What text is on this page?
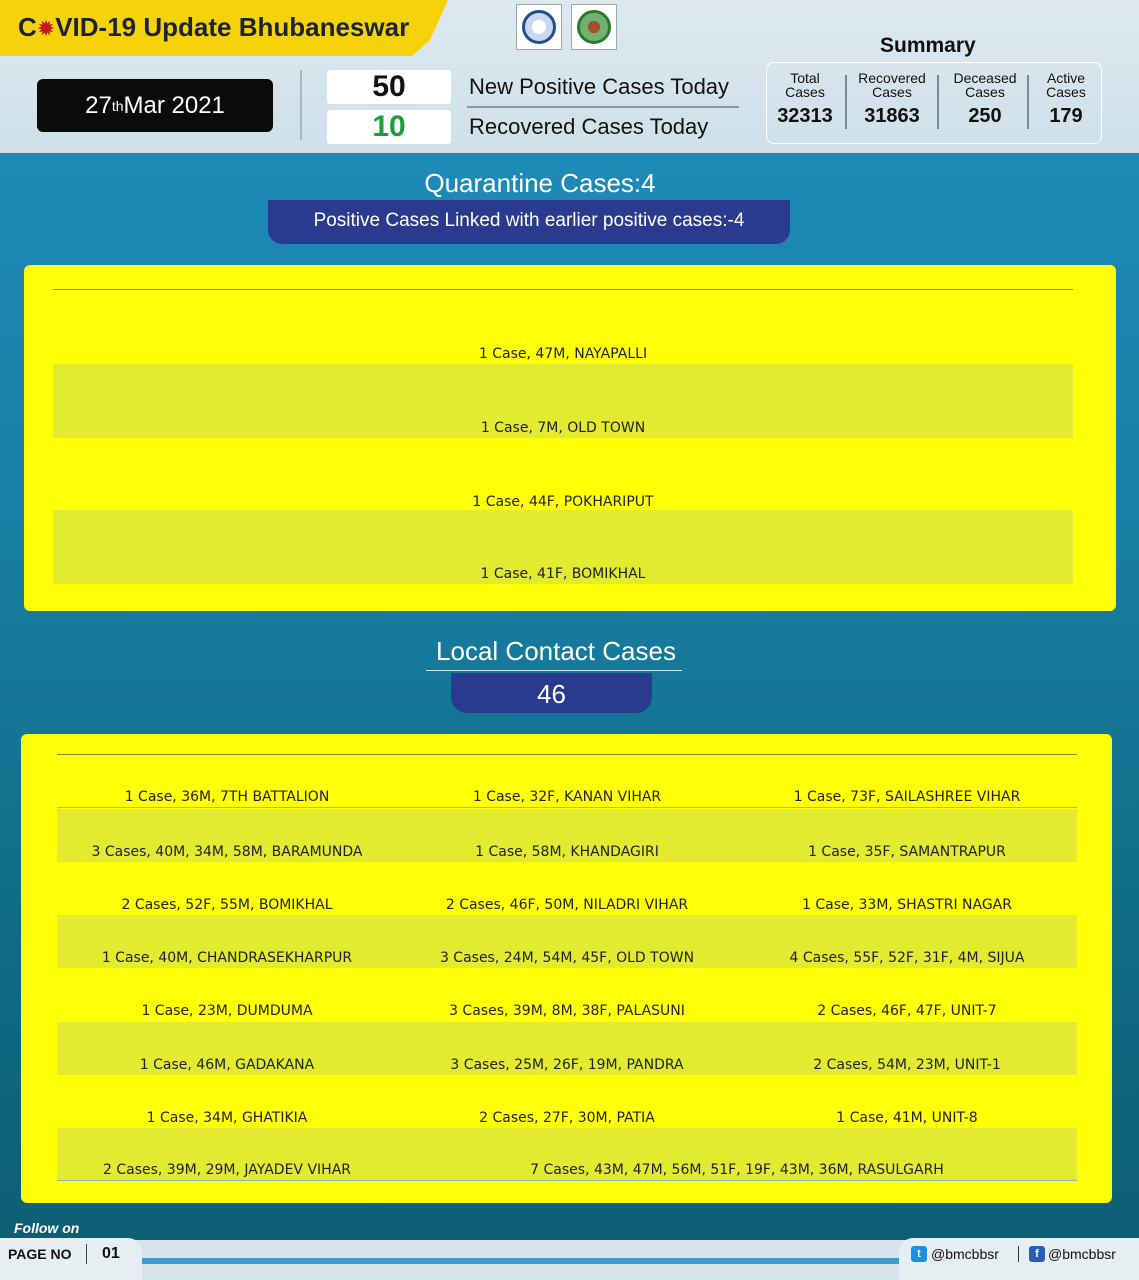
C✹VID-19 Update Bhubaneswar
27 th Mar 2021
50	New Positive Cases Today
10	Recovered Cases Today
Summary
Total
Cases
32313
Recovered
Cases
31863
Deceased
Cases
250
Active
Cases
179
Quarantine Cases:4
Positive Cases Linked with earlier positive cases:-4
1 Case, 47M, NAYAPALLI
1 Case, 7M, OLD TOWN
1 Case, 44F, POKHARIPUT
1 Case, 41F, BOMIKHAL
Local Contact Cases
46
1 Case, 36M, 7TH BATTALION	1 Case, 32F, KANAN VIHAR	1 Case, 73F, SAILASHREE VIHAR
3 Cases, 40M, 34M, 58M, BARAMUNDA	1 Case, 58M, KHANDAGIRI	1 Case, 35F, SAMANTRAPUR
2 Cases, 52F, 55M, BOMIKHAL	2 Cases, 46F, 50M, NILADRI VIHAR	1 Case, 33M, SHASTRI NAGAR
1 Case, 40M, CHANDRASEKHARPUR	3 Cases, 24M, 54M, 45F, OLD TOWN	4 Cases, 55F, 52F, 31F, 4M, SIJUA
1 Case, 23M, DUMDUMA	3 Cases, 39M, 8M, 38F, PALASUNI	2 Cases, 46F, 47F, UNIT-7
1 Case, 46M, GADAKANA	3 Cases, 25M, 26F, 19M, PANDRA	2 Cases, 54M, 23M, UNIT-1
1 Case, 34M, GHATIKIA	2 Cases, 27F, 30M, PATIA	1 Case, 41M, UNIT-8
2 Cases, 39M, 29M, JAYADEV VIHAR	7 Cases, 43M, 47M, 56M, 51F, 19F, 43M, 36M, RASULGARH
Follow on
PAGE NO 01	t @bmcbbsr	f @bmcbbsr
